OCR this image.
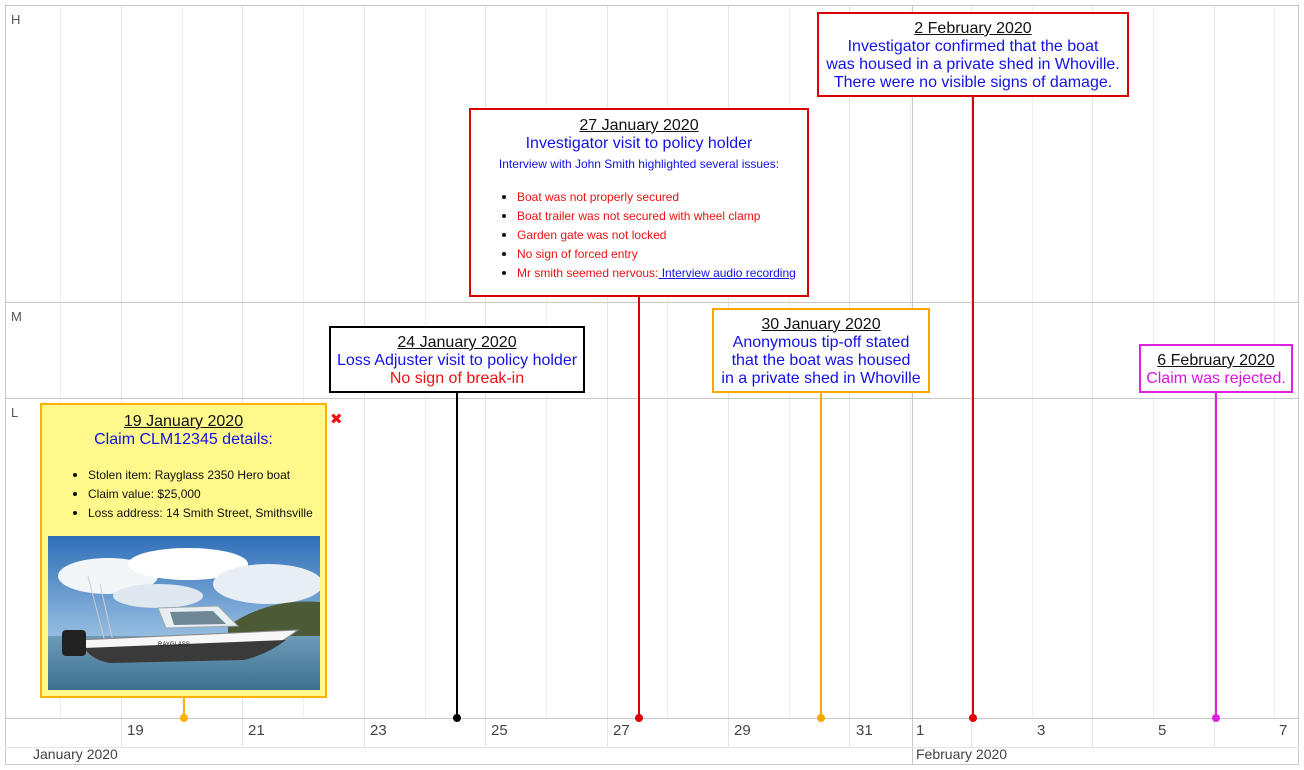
H
M
L
19	21	23	25	27	29	31	1	3	5	7
January 2020	February 2020
19 January 2020
Claim CLM12345 details:
• Stolen item: Rayglass 2350 Hero boat
• Claim value: $25,000
• Loss address: 14 Smith Street, Smithsville
RAYGLASS
✖
24 January 2020
Loss Adjuster visit to policy holder
No sign of break-in
27 January 2020
Investigator visit to policy holder
Interview with John Smith highlighted several issues:
• Boat was not properly secured
• Boat trailer was not secured with wheel clamp
• Garden gate was not locked
• No sign of forced entry
• Mr smith seemed nervous: Interview audio recording
30 January 2020
Anonymous tip-off stated
that the boat was housed
in a private shed in Whoville
2 February 2020
Investigator confirmed that the boat
was housed in a private shed in Whoville.
There were no visible signs of damage.
6 February 2020
Claim was rejected.
